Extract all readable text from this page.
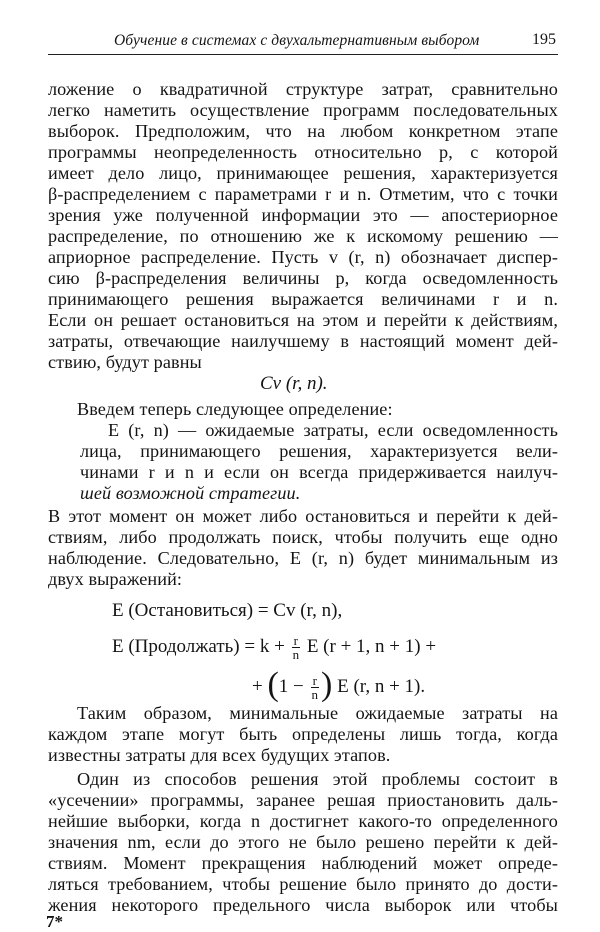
Обучение в системах с двухальтернативным выбором	195
ложение о квадратичной структуре затрат, сравнительно
легко наметить осуществление программ последовательных
выборок. Предположим, что на любом конкретном этапе
программы неопределенность относительно p, с которой
имеет дело лицо, принимающее решения, характеризуется
β-распределением с параметрами r и n. Отметим, что с точки
зрения уже полученной информации это — апостериорное
распределение, по отношению же к искомому решению —
априорное распределение. Пусть v (r, n) обозначает диспер-
сию β-распределения величины p, когда осведомленность
принимающего решения выражается величинами r и n.
Если он решает остановиться на этом и перейти к действиям,
затраты, отвечающие наилучшему в настоящий момент дей-
ствию, будут равны
Cv (r, n).
Введем теперь следующее определение:
E (r, n) — ожидаемые затраты, если осведомленность
лица, принимающего решения, характеризуется вели-
чинами r и n и если он всегда придерживается наилуч-
шей возможной стратегии.
В этот момент он может либо остановиться и перейти к дей-
ствиям, либо продолжать поиск, чтобы получить еще одно
наблюдение. Следовательно, E (r, n) будет минимальным из
двух выражений:
E (Остановиться) = Cv (r, n),
E (Продолжать) = $k + \frac{r}{n}$ E (r + 1, n + 1) +
+ ($1 - \frac{r}{n}$ ) E (r, n + 1).
Таким образом, минимальные ожидаемые затраты на
каждом этапе могут быть определены лишь тогда, когда
известны затраты для всех будущих этапов.
Один из способов решения этой проблемы состоит в
«усечении» программы, заранее решая приостановить даль-
нейшие выборки, когда n достигнет какого-то определенного
значения nm, если до этого не было решено перейти к дей-
ствиям. Момент прекращения наблюдений может опреде-
ляться требованием, чтобы решение было принято до дости-
жения некоторого предельного числа выборок или чтобы
7*
